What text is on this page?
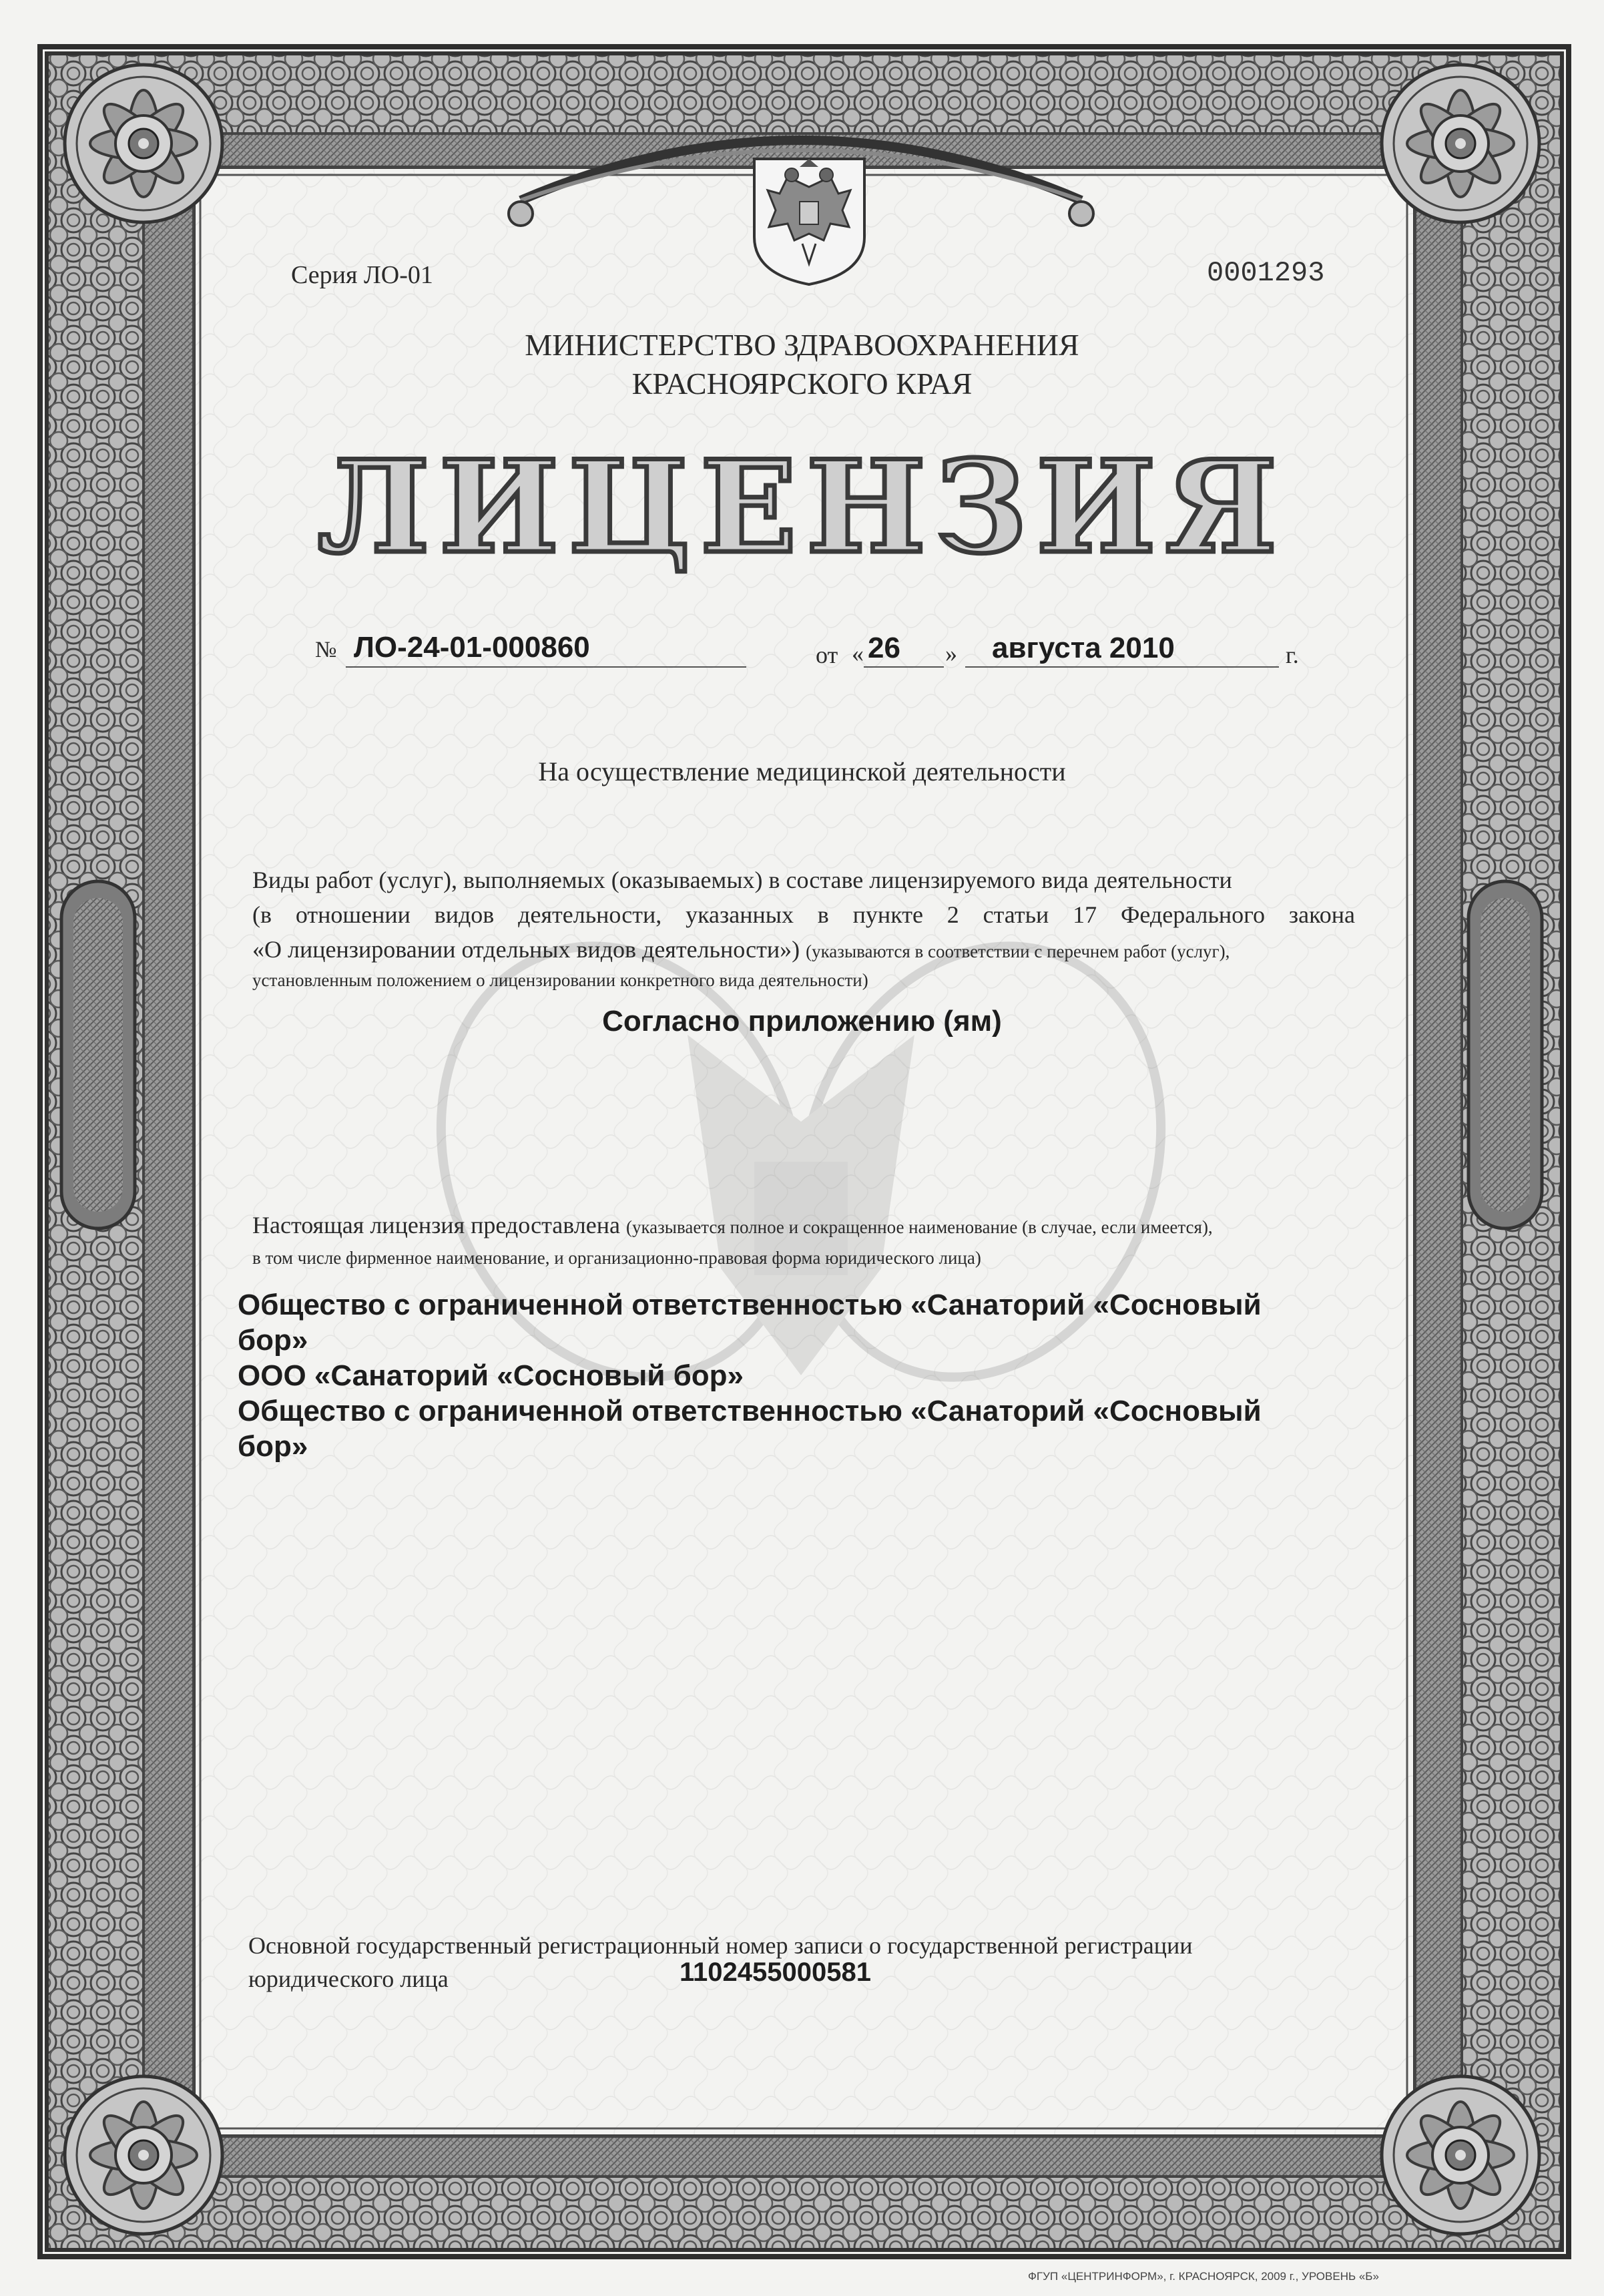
Серия ЛО-01	0001293
МИНИСТЕРСТВО ЗДРАВООХРАНЕНИЯ
КРАСНОЯРСКОГО КРАЯ
ЛИЦЕНЗИЯ
№ ЛО-24-01-000860	от « 26 » августа 2010	г.
На осуществление медицинской деятельности
Виды работ (услуг), выполняемых (оказываемых) в составе лицензируемого вида деятельности
(в отношении видов деятельности, указанных в пункте 2 статьи 17 Федерального закона
«О лицензировании отдельных видов деятельности») (указываются в соответствии с перечнем работ (услуг),
установленным положением о лицензировании конкретного вида деятельности)
Согласно приложению (ям)
Настоящая лицензия предоставлена (указывается полное и сокращенное наименование (в случае, если имеется),
в том числе фирменное наименование, и организационно-правовая форма юридического лица)
Общество с ограниченной ответственностью «Санаторий «Сосновый
бор»
ООО «Санаторий «Сосновый бор»
Общество с ограниченной ответственностью «Санаторий «Сосновый
бор»
Основной государственный регистрационный номер записи о государственной регистрации
юридического лица	1102455000581
ФГУП «ЦЕНТРИНФОРМ», г. КРАСНОЯРСК, 2009 г., УРОВЕНЬ «Б»
